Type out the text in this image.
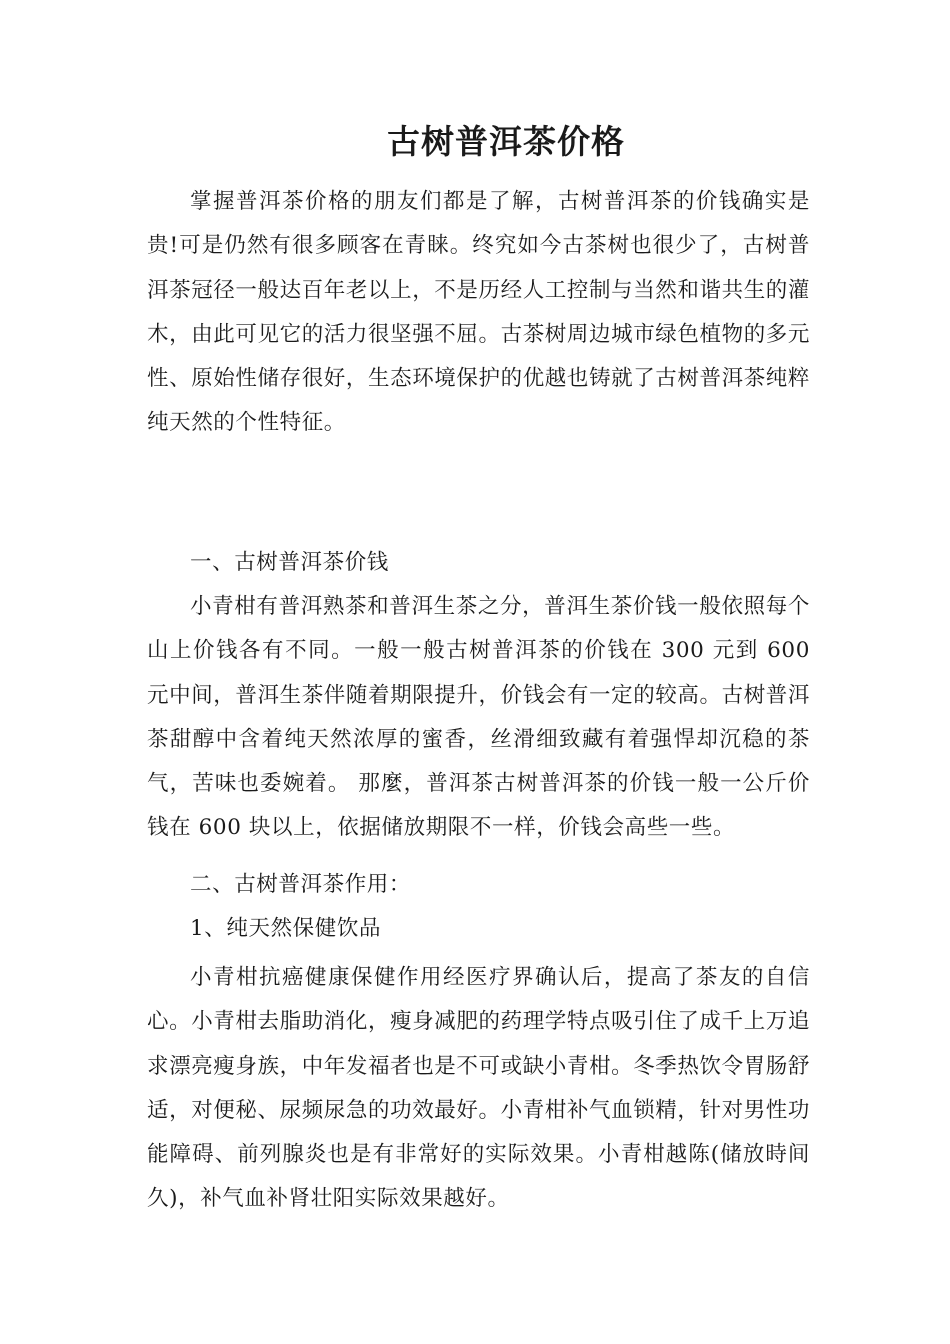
古树普洱茶价格

掌握普洱茶价格的朋友们都是了解，古树普洱茶的价钱确实是贵!可是仍然有很多顾客在青睐。终究如今古茶树也很少了，古树普洱茶冠径一般达百年老以上，不是历经人工控制与当然和谐共生的灌木，由此可见它的活力很坚强不屈。古茶树周边城市绿色植物的多元性、原始性储存很好，生态环境保护的优越也铸就了古树普洱茶纯粹纯天然的个性特征。

一、古树普洱茶价钱

小青柑有普洱熟茶和普洱生茶之分，普洱生茶价钱一般依照每个山上价钱各有不同。一般一般古树普洱茶的价钱在 300 元到 600 元中间，普洱生茶伴随着期限提升，价钱会有一定的较高。古树普洱茶甜醇中含着纯天然浓厚的蜜香，丝滑细致藏有着强悍却沉稳的茶气，苦味也委婉着。 那麼，普洱茶古树普洱茶的价钱一般一公斤价钱在 600 块以上，依据储放期限不一样，价钱会高些一些。

二、古树普洱茶作用：

1、纯天然保健饮品

小青柑抗癌健康保健作用经医疗界确认后，提高了茶友的自信心。小青柑去脂助消化，瘦身减肥的药理学特点吸引住了成千上万追求漂亮瘦身族，中年发福者也是不可或缺小青柑。冬季热饮令胃肠舒适，对便秘、尿频尿急的功效最好。小青柑补气血锁精，针对男性功能障碍、前列腺炎也是有非常好的实际效果。小青柑越陈(储放時间久)，补气血补肾壮阳实际效果越好。
